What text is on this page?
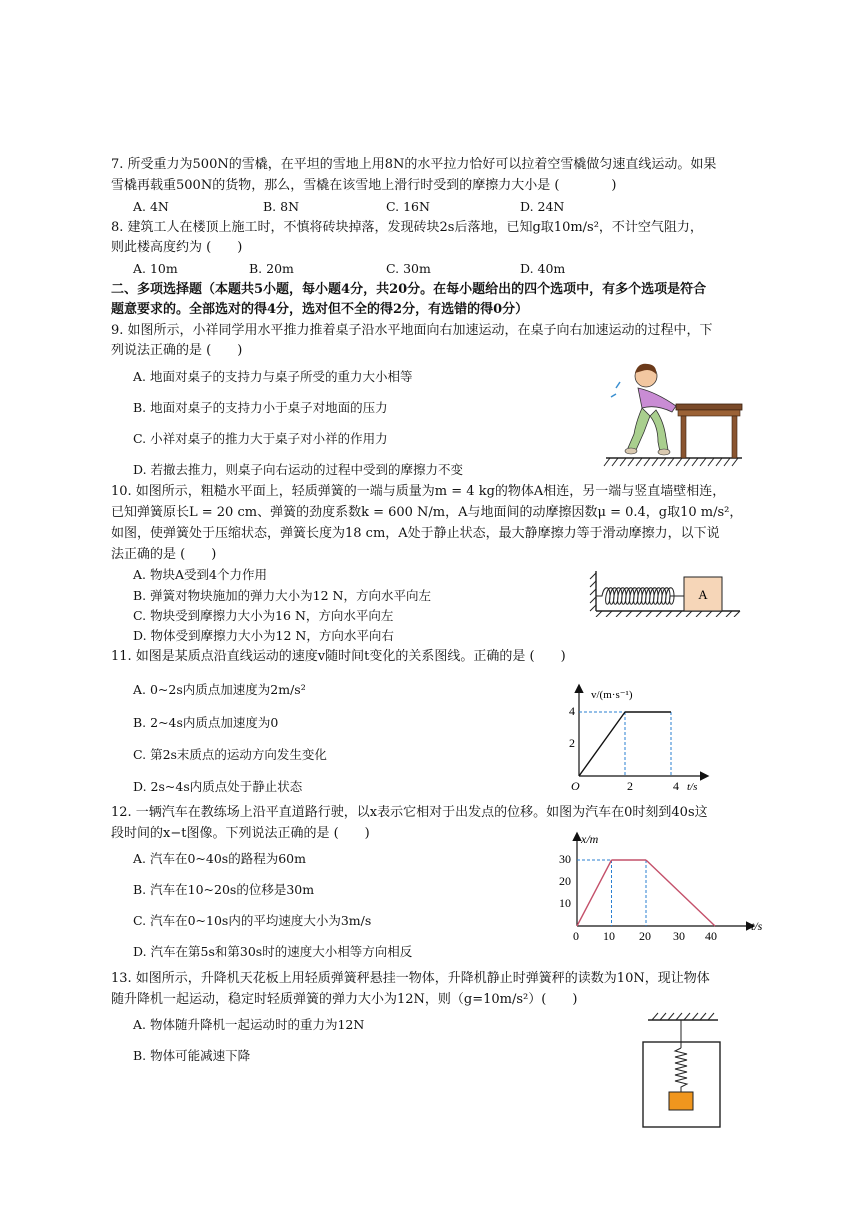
7. 所受重力为500N的雪橇，在平坦的雪地上用8N的水平拉力恰好可以拉着空雪橇做匀速直线运动。如果
雪橇再载重500N的货物，那么，雪橇在该雪地上滑行时受到的摩擦力大小是 (　　　　)
A. 4N	B. 8N	C. 16N	D. 24N
8. 建筑工人在楼顶上施工时，不慎将砖块掉落，发现砖块2s后落地，已知g取10m/s²，不计空气阻力，
则此楼高度约为 (　　)
A. 10m	B. 20m	C. 30m	D. 40m
二、多项选择题（本题共5小题，每小题4分，共20分。在每小题给出的四个选项中，有多个选项是符合
题意要求的。全部选对的得4分，选对但不全的得2分，有选错的得0分）
9. 如图所示，小祥同学用水平推力推着桌子沿水平地面向右加速运动，在桌子向右加速运动的过程中，下
列说法正确的是 (　　)
A. 地面对桌子的支持力与桌子所受的重力大小相等
B. 地面对桌子的支持力小于桌子对地面的压力
C. 小祥对桌子的推力大于桌子对小祥的作用力
D. 若撤去推力，则桌子向右运动的过程中受到的摩擦力不变
10. 如图所示，粗糙水平面上，轻质弹簧的一端与质量为m = 4 kg的物体A相连，另一端与竖直墙壁相连，
已知弹簧原长L = 20 cm、弹簧的劲度系数k = 600 N/m，A与地面间的动摩擦因数μ = 0.4，g取10 m/s²，
如图，使弹簧处于压缩状态，弹簧长度为18 cm，A处于静止状态，最大静摩擦力等于滑动摩擦力，以下说
法正确的是 (　　)
A. 物块A受到4个力作用
B. 弹簧对物块施加的弹力大小为12 N，方向水平向左
C. 物块受到摩擦力大小为16 N，方向水平向左
D. 物体受到摩擦力大小为12 N，方向水平向右
A
11. 如图是某质点沿直线运动的速度v随时间t变化的关系图线。正确的是 (　　)
A. 0~2s内质点加速度为2m/s²
B. 2~4s内质点加速度为0
C. 第2s末质点的运动方向发生变化
D. 2s~4s内质点处于静止状态
v/(m·s⁻¹)
t/s
O
4
2
2	4
12. 一辆汽车在教练场上沿平直道路行驶，以x表示它相对于出发点的位移。如图为汽车在0时刻到40s这
段时间的x−t图像。下列说法正确的是 (　　)
A. 汽车在0~40s的路程为60m
B. 汽车在10~20s的位移是30m
C. 汽车在0~10s内的平均速度大小为3m/s
D. 汽车在第5s和第30s时的速度大小相等方向相反
x/m
t/s
30
20
10
0 10 20 30 40
13. 如图所示，升降机天花板上用轻质弹簧秤悬挂一物体，升降机静止时弹簧秤的读数为10N，现让物体
随升降机一起运动，稳定时轻质弹簧的弹力大小为12N，则（g=10m/s²）(　　)
A. 物体随升降机一起运动时的重力为12N
B. 物体可能减速下降
